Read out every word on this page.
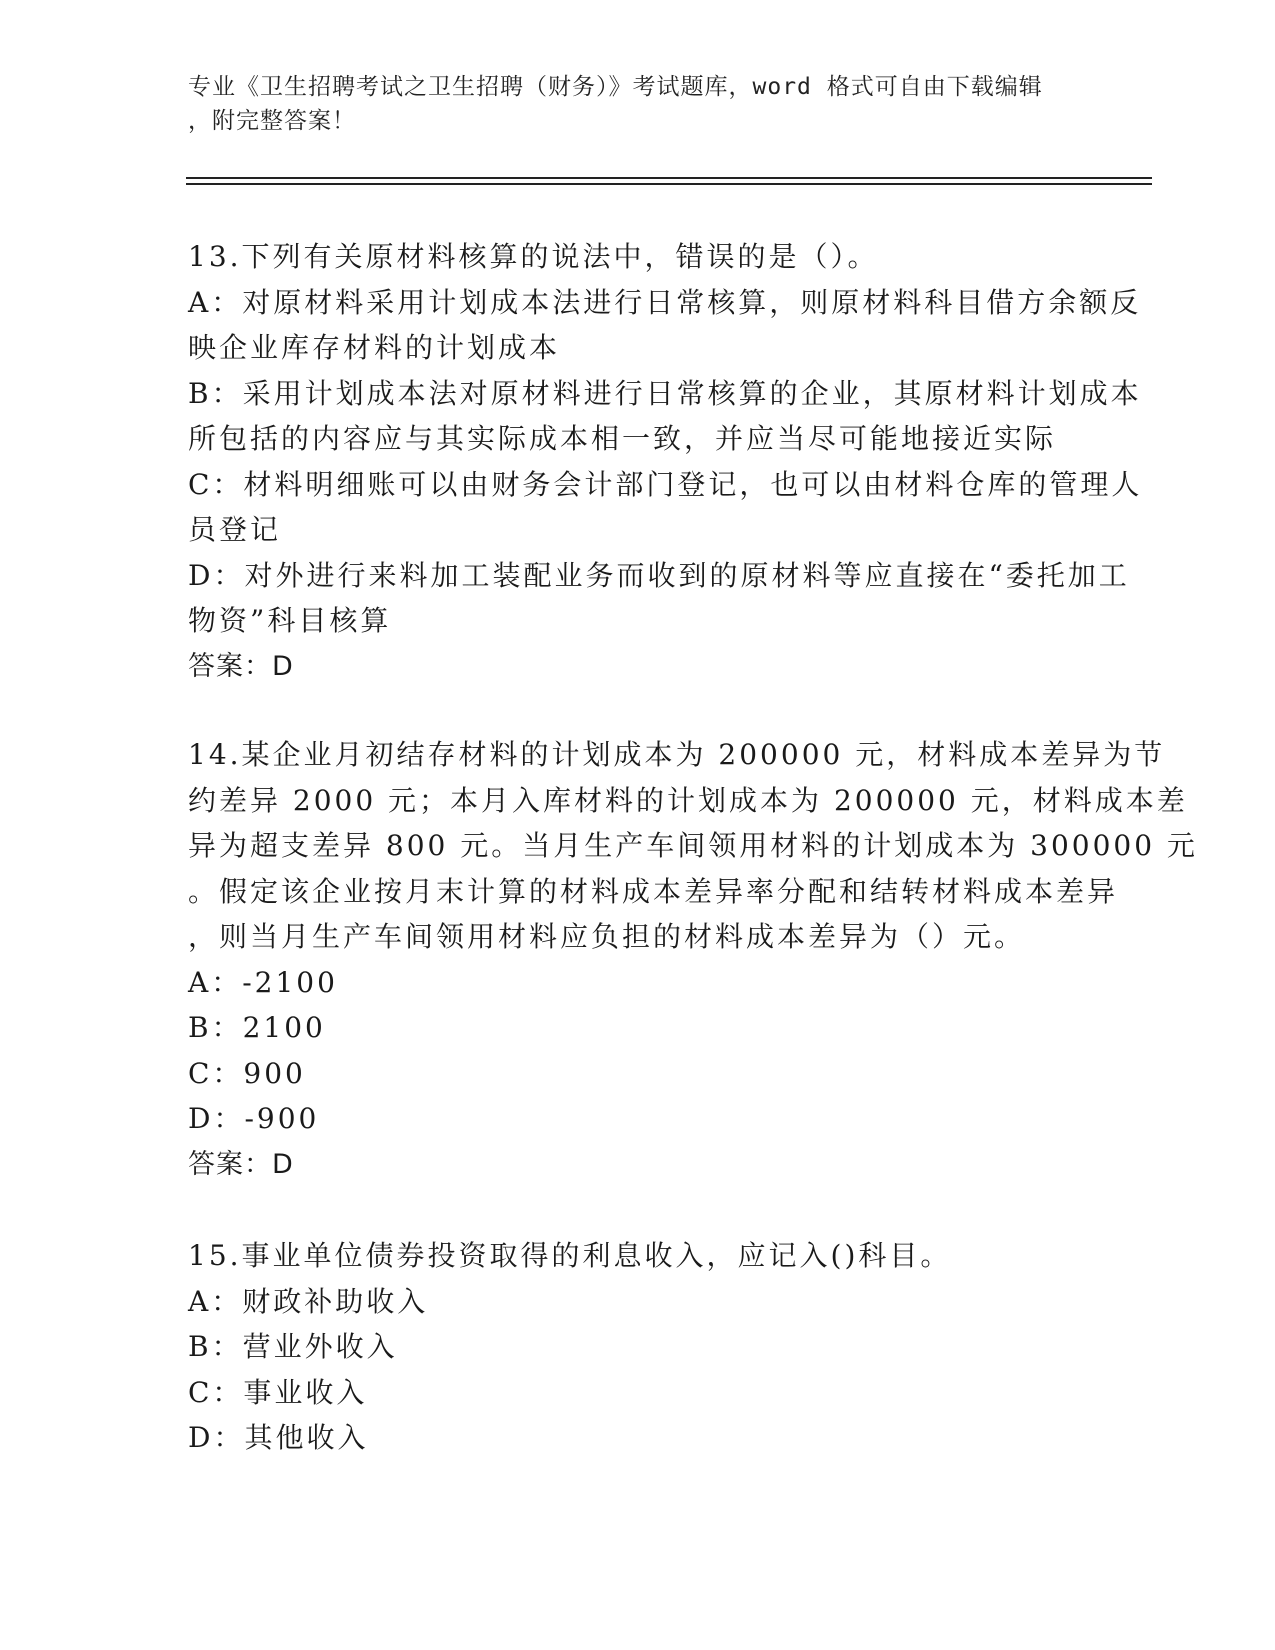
专业《卫生招聘考试之卫生招聘（财务）》考试题库，word 格式可自由下载编辑
，附完整答案！
13.下列有关原材料核算的说法中，错误的是（）。
A：对原材料采用计划成本法进行日常核算，则原材料科目借方余额反
映企业库存材料的计划成本
B：采用计划成本法对原材料进行日常核算的企业，其原材料计划成本
所包括的内容应与其实际成本相一致，并应当尽可能地接近实际
C：材料明细账可以由财务会计部门登记，也可以由材料仓库的管理人
员登记
D：对外进行来料加工装配业务而收到的原材料等应直接在“委托加工
物资”科目核算
答案：D
14.某企业月初结存材料的计划成本为 200000 元，材料成本差异为节
约差异 2000 元；本月入库材料的计划成本为 200000 元，材料成本差
异为超支差异 800 元。当月生产车间领用材料的计划成本为 300000 元
。假定该企业按月末计算的材料成本差异率分配和结转材料成本差异
，则当月生产车间领用材料应负担的材料成本差异为（）元。
A：-2100
B：2100
C：900
D：-900
答案：D
15.事业单位债券投资取得的利息收入，应记入()科目。
A：财政补助收入
B：营业外收入
C：事业收入
D：其他收入
